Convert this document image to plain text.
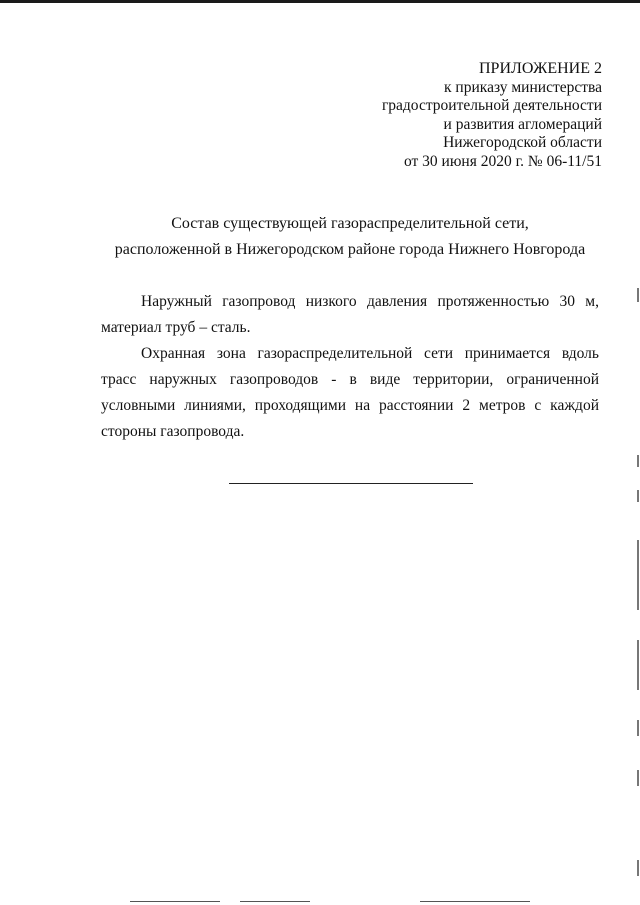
ПРИЛОЖЕНИЕ 2
к приказу министерства
градостроительной деятельности
и развития агломераций
Нижегородской области
от 30 июня 2020 г. № 06-11/51
Состав существующей газораспределительной сети,
расположенной в Нижегородском районе города Нижнего Новгорода
Наружный газопровод низкого давления протяженностью 30 м, материал труб – сталь.
Охранная зона газораспределительной сети принимается вдоль трасс наружных газопроводов - в виде территории, ограниченной условными линиями, проходящими на расстоянии 2 метров с каждой стороны газопровода.
